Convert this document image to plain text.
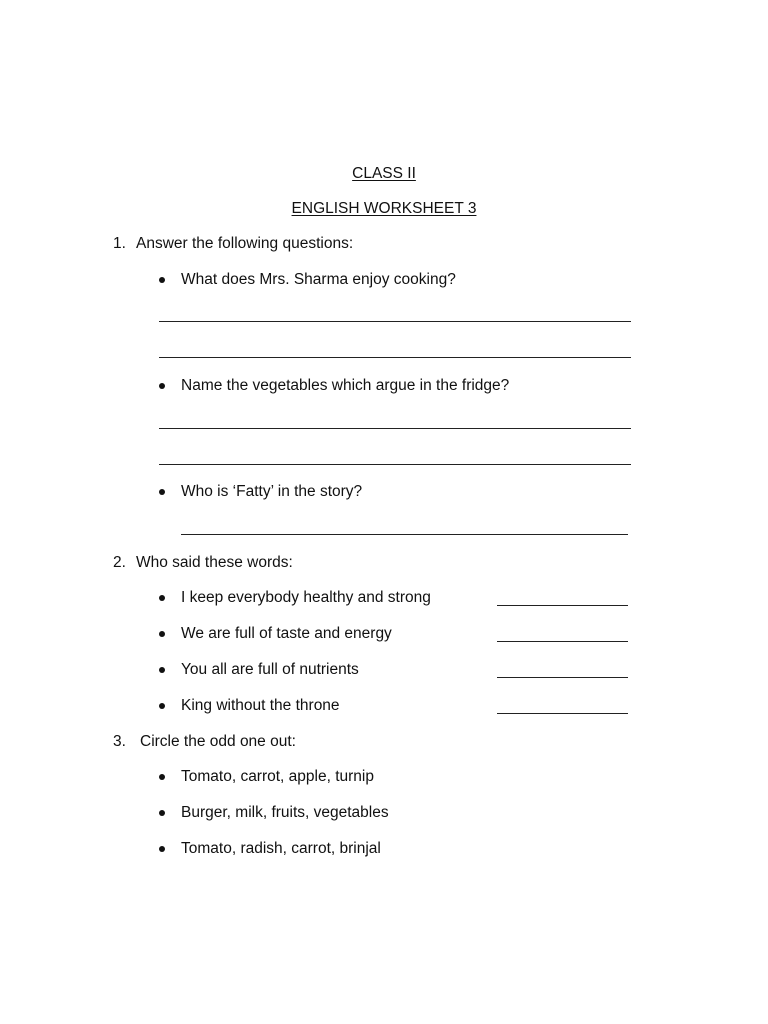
CLASS II
ENGLISH WORKSHEET 3
1. Answer the following questions:
What does Mrs. Sharma enjoy cooking?
Name the vegetables which argue in the fridge?
Who is ‘Fatty’ in the story?
2. Who said these words:
I keep everybody healthy and strong
We are full of taste and energy
You all are full of nutrients
King without the throne
3. Circle the odd one out:
Tomato, carrot, apple, turnip
Burger, milk, fruits, vegetables
Tomato, radish, carrot, brinjal
